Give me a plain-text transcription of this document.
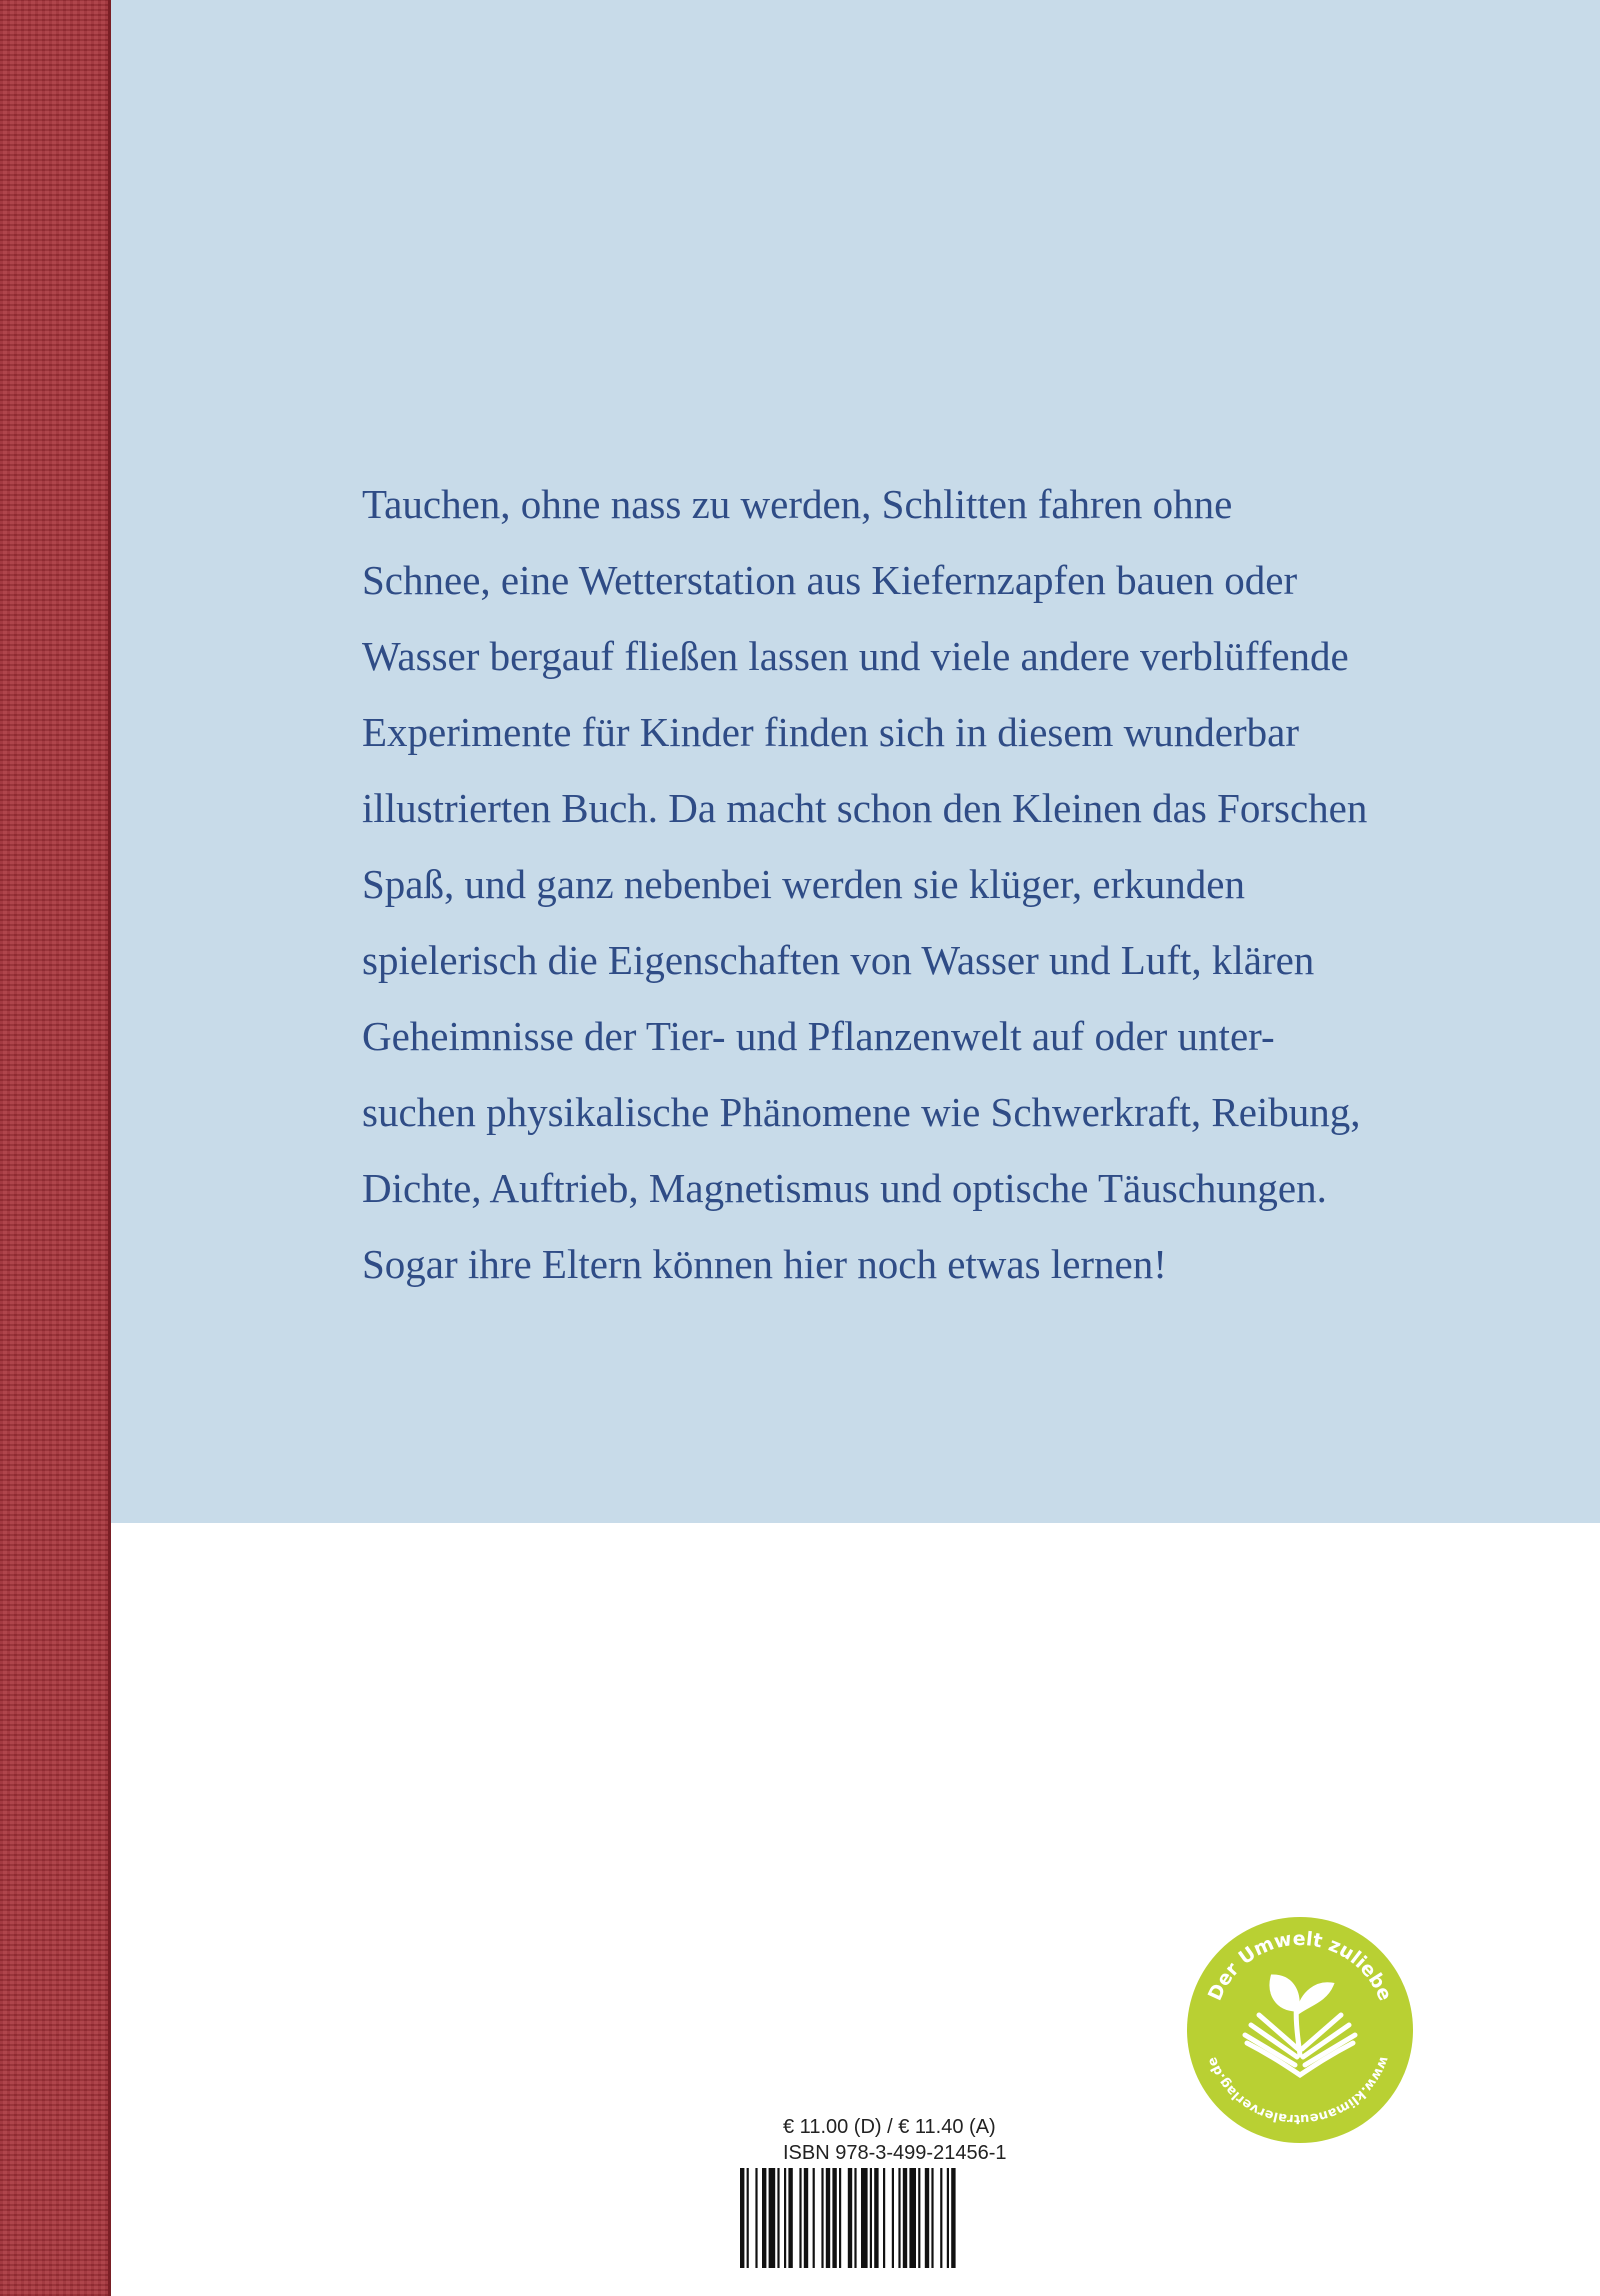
Tauchen, ohne nass zu werden, Schlitten fahren ohne
Schnee, eine Wetterstation aus Kiefernzapfen bauen oder
Wasser bergauf fließen lassen und viele andere verblüffende
Experimente für Kinder finden sich in diesem wunderbar
illustrierten Buch. Da macht schon den Kleinen das Forschen
Spaß, und ganz nebenbei werden sie klüger, erkunden
spielerisch die Eigenschaften von Wasser und Luft, klären
Geheimnisse der Tier- und Pflanzenwelt auf oder unter-
suchen physikalische Phänomene wie Schwerkraft, Reibung,
Dichte, Auftrieb, Magnetismus und optische Täuschungen.
Sogar ihre Eltern können hier noch etwas lernen!

Der Umwelt zuliebe
www.klimaneutralerverlag.de
€ 11.00 (D) / € 11.40 (A)
ISBN 978-3-499-21456-1
